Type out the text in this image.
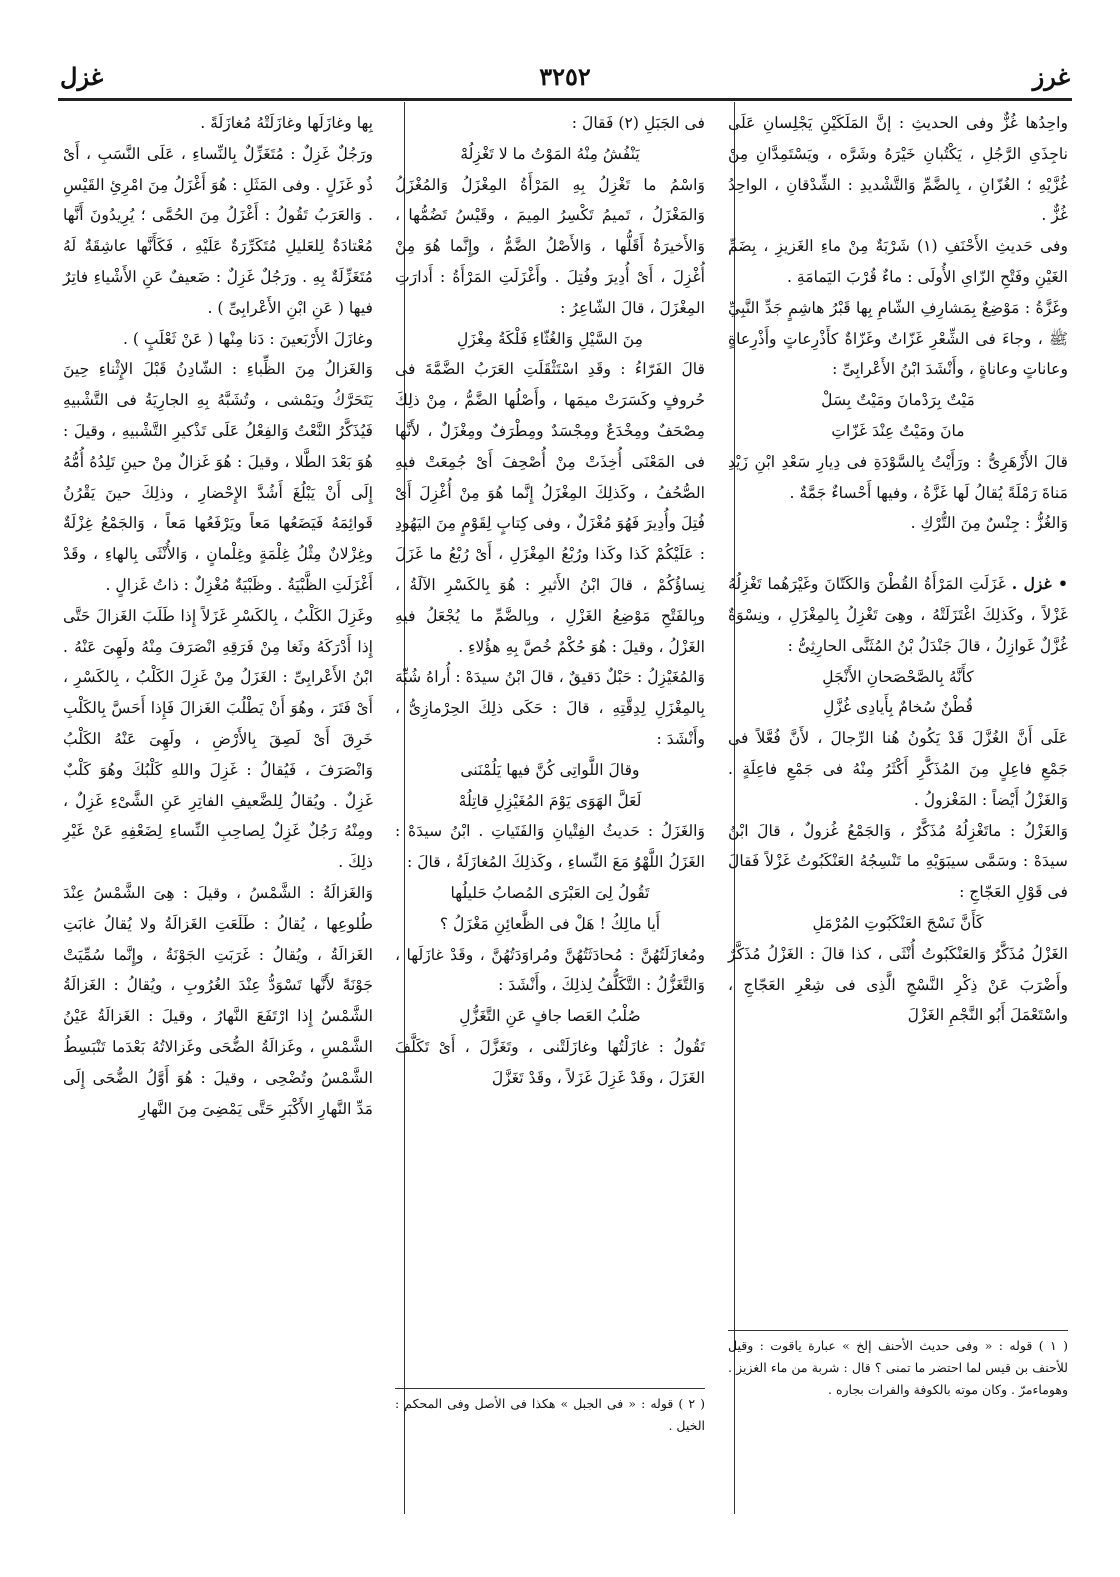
غرز
٣٢٥٢
غزل

واحِدُها غُزٌّ وفى الحديثِ : إنَّ المَلَكَيْنِ يَجْلِسانِ عَلَى ناجِذَىِ الرَّجُلِ ، يَكْتُبانِ خَيْرَهُ وشَرَّه ، ويَسْتَمِدَّانِ مِنْ غُزَّيْهِ ؛ الغُزّانِ ، بِالضَّمِّ وَالتَّشْديدِ : الشِّدْقانِ ، الواحِدُ غُزٌّ .

وفى حَديثِ الأَحْنَفِ (١) شَرْبَةٌ مِنْ ماءِ الغَزيزِ ، بِضَمِّ الغَيْنِ وفَتْحِ الزّاىِ الأُولَى : ماءٌ قُرْبَ اليَمامَةِ .

وغَزَّةُ : مَوْضِعٌ بِمَشارِفِ الشّامِ بِها قَبْرُ هاشِمٍ جَدِّ النَّبِيِّ ﷺ ، وجاءَ فى الشِّعْرِ غَزّاتٌ وغَزّاةٌ كأَذْرِعاتٍ وأَذْرِعاةٍ وعاناتٍ وعاناةٍ ، وأَنْشَدَ ابْنُ الأَعْرابِىِّ :

مَيْتٌ بِرَدْمانَ ومَيْتٌ بِسَلْ

مانَ ومَيْتٌ عِنْدَ غَزّاتِ

قالَ الأَزْهَرِىُّ : ورَأَيْتُ بِالسَّوْدَةِ فى دِيارِ سَعْدِ ابْنِ زَيْدِ مَناةَ رَمْلَةً يُقالُ لَها غَزَّةُ ، وفيها أَحْساءٌ جَمَّةٌ .

وَالغُزُّ : جِنْسٌ مِنَ التُّرْكِ .

• غزل . غَزَلَتِ المَرْأَةُ القُطْنَ وَالكَتّانَ وغَيْرَهُما تَغْزِلُهُ غَزْلاً ، وكَذلِكَ اغْتَزَلَتْهُ ، وهِىَ تَغْزِلُ بِالمِغْزَلِ ، ونِسْوَةٌ غُزَّلٌ غَوازِلُ ، قالَ جَنْدَلُ بْنُ المُثَنَّى الحارِثِىُّ :

كأَنَّهُ بِالصَّحْصَحانِ الأَنْجَلِ

قُطْنٌ سُخامٌ بِأَيادِى غُزَّلِ

عَلَى أَنَّ الغُزَّلَ قَدْ يَكُونُ هُنا الرِّجالَ ، لأَنَّ فُعَّلاً فى جَمْعِ فاعِلٍ مِنَ المُذَكَّرِ أَكْثَرُ مِنْهُ فى جَمْعِ فاعِلَةٍ . وَالغَزْلُ أَيْضاً : المَغْزولُ .

وَالغَزْلُ : ماتَغْزِلُهُ مُذَكَّرٌ ، وَالجَمْعُ غُزولٌ ، قالَ ابْنُ سيدَهْ : وسَمَّى سيبَوَيْهِ ما تَنْسِجُهُ العَنْكَبُوتُ غَزْلاً فَقالَ فى قَوْلِ العَجّاجِ :

كَأَنَّ نَسْجَ العَنْكَبُوتِ المُرْمَلِ

الغَزْلُ مُذَكَّرٌ وَالعَنْكَبُوتُ أُنْثَى ، كذا قالَ : الغَزْلُ مُذَكَّرٌ وأَضْرَبَ عَنْ ذِكْرِ النَّسْجِ الَّذِى فى شِعْرِ العَجّاجِ ، واسْتَعْمَلَ أَبُو النَّجْمِ الغَزْلَ

فى الجَبَلِ (٢) فَقالَ :

يَنْفُشُ مِنْهُ المَوْتُ ما لا تَغْزِلُهْ

وَاسْمُ ما تَغْزِلُ بِهِ المَرْأَةُ المِغْزَلُ وَالمُغْزَلُ وَالمَغْزَلُ ، تَميمُ تَكْسِرُ المِيمَ ، وقَيْسُ تَضُمُّها ، وَالأَخيرَةُ أَقَلُّها ، وَالأَصْلُ الضَّمُّ ، وإِنَّما هُوَ مِنْ أُغْزِلَ ، أَىْ أُدِيرَ وفُتِلَ . وأَغْزَلَتِ المَرْأَةُ : أَدارَتِ المِغْزَلَ ، قالَ الشّاعِرُ :

مِنَ السَّيْلِ وَالغُثّاءِ فَلْكَةُ مِغْزَلِ

قالَ الفَرّاءُ : وقَدِ اسْتَثْقَلَتِ العَرَبُ الضَّمَّةَ فى حُروفٍ وكَسَرَتْ ميمَها ، وأَصْلُها الضَّمُّ ، مِنْ ذلِكَ مِصْحَفٌ ومِخْدَعٌ ومِجْسَدٌ ومِطْرَفٌ ومِغْزَلٌ ، لأَنَّها فى المَعْنَى أُخِذَتْ مِنْ أُصْحِفَ أَىْ جُمِعَتْ فيهِ الصُّحُفُ ، وكَذلِكَ المِغْزَلُ إِنَّما هُوَ مِنْ أُغْزِلَ أَىْ فُتِلَ وأُدِيرَ فَهُوَ مُغْزَلٌ ، وفى كِتابٍ لِقَوْمٍ مِنَ اليَهُودِ : عَلَيْكُمْ كَذا وكَذا ورُبْعُ المِغْزَلِ ، أَىْ رُبْعُ ما غَزَلَ نِساؤُكُمْ ، قالَ ابْنُ الأَثيرِ : هُوَ بِالكَسْرِ الآلَةُ ، وبِالفَتْحِ مَوْضِعُ الغَزْلِ ، وبِالضَّمِّ ما يُجْعَلُ فيهِ الغَزْلُ ، وقيلَ : هُوَ حُكْمٌ خُصَّ بِهِ هؤُلاءِ .

وَالمُغَيْزِلُ : حَبْلٌ دَقيقٌ ، قالَ ابْنُ سيدَهْ : أُراهُ شُبِّهَ بِالمِغْزَلِ لِدِقَّتِهِ ، قالَ : حَكَى ذلِكَ الحِرْمازِىُّ ، وأَنْشَدَ :

وقالَ اللَّواتِى كُنَّ فيها يَلُمْنَنى

لَعَلَّ الهَوَى يَوْمَ المُغَيْزِلِ قاتِلُهْ

وَالغَزَلُ : حَديثُ الفِتْيانِ وَالفَتَياتِ . ابْنُ سيدَهْ : الغَزَلُ اللَّهْوُ مَعَ النِّساءِ ، وكَذلِكَ المُغازَلَةُ ، قالَ :

تَقُولُ لِىَ العَبْرَى المُصابُ حَليلُها

أَيا مالِكُ ! هَلْ فى الظَّعائِنِ مَغْزَلُ ؟

ومُغازَلَتُهُنَّ : مُحادَثَتُهُنَّ ومُراوَدَتُهُنَّ ، وقَدْ غازَلَها ، وَالتَّغَزُّلُ : التَّكَلُّفُ لِذلِكَ ، وأَنْشَدَ :

صُلْبُ العَصا جافٍ عَنِ التَّغَزُّلِ

تَقُولُ : غازَلْتُها وغازَلَتْنى ، وتَغَزَّلَ ، أَىْ تَكَلَّفَ الغَزَلَ ، وقَدْ غَزِلَ غَزَلاً ، وقَدْ تَغَزَّلَ

بِها وغازَلَها وغازَلَتْهُ مُغازَلَةً .

ورَجُلٌ غَزِلٌ : مُتَغَزِّلٌ بِالنِّساءِ ، عَلَى النَّسَبِ ، أَىْ ذُو غَزَلٍ . وفى المَثَلِ : هُوَ أَغْزَلُ مِنَ امْرِئِ القَيْسِ . وَالعَرَبُ تَقُولُ : أَغْزَلُ مِنَ الحُمَّى ؛ يُرِيدُونَ أَنَّها مُعْتادَةٌ لِلعَليلِ مُتَكَرِّرَةٌ عَلَيْهِ ، فَكَأَنَّها عاشِقَةٌ لَهُ مُتَغَزِّلَةٌ بِهِ . ورَجُلٌ غَزِلٌ : ضَعيفٌ عَنِ الأَشْياءِ فاتِرٌ فيها ( عَنِ ابْنِ الأَعْرابِىِّ ) .

وغازَلَ الأَرْبَعينَ : دَنا مِنْها ( عَنْ ثَعْلَبٍ ) .

وَالغَزالُ مِنَ الظِّباءِ : الشّادِنُ قَبْلَ الإِثْناءِ حِينَ يَتَحَرَّكُ ويَمْشى ، وتُشَبَّهُ بِهِ الجارِيَةُ فى التَّشْبيهِ فَيُذَكَّرُ النَّعْتُ وَالفِعْلُ عَلَى تَذْكيرِ التَّشْبيهِ ، وقيلَ : هُوَ بَعْدَ الطَّلا ، وقيلَ : هُوَ غَزالٌ مِنْ حينِ تَلِدُهُ أُمُّهُ إِلَى أَنْ يَبْلُغَ أَشُدَّ الإِحْضارِ ، وذلِكَ حينَ يَقْرُنُ قَوائِمَهُ فَيَضَعُها مَعاً ويَرْفَعُها مَعاً ، وَالجَمْعُ غِزْلَةٌ وغِزْلانٌ مِثْلُ غِلْمَةٍ وغِلْمانٍ ، وَالأُنْثَى بِالهاءِ ، وقَدْ أَغْزَلَتِ الظَّبْيَةُ . وظَبْيَةٌ مُغْزِلٌ : ذاتُ غَزالٍ .

وغَزِلَ الكَلْبُ ، بِالكَسْرِ غَزَلاً إِذا طَلَبَ الغَزالَ حَتَّى إِذا أَدْرَكَهُ وثَغا مِنْ فَرَقِهِ انْصَرَفَ مِنْهُ ولَهِىَ عَنْهُ . ابْنُ الأَعْرابِىِّ : الغَزَلُ مِنْ غَزِلَ الكَلْبُ ، بِالكَسْرِ ، أَىْ فَتَرَ ، وهُوَ أَنْ يَطْلُبَ الغَزالَ فَإِذا أَحَسَّ بِالكَلْبِ خَرِقَ أَىْ لَصِقَ بِالأَرْضِ ، ولَهِىَ عَنْهُ الكَلْبُ وَانْصَرَفَ ، فَيُقالُ : غَزِلَ واللهِ كَلْبُكَ وهُوَ كَلْبٌ غَزِلٌ . ويُقالُ لِلضَّعيفِ الفاتِرِ عَنِ الشَّىْءِ غَزِلٌ ، ومِنْهُ رَجُلٌ غَزِلٌ لِصاحِبِ النِّساءِ لِضَعْفِهِ عَنْ غَيْرِ ذلِكَ .

وَالغَزالَةُ : الشَّمْسُ ، وقيلَ : هِىَ الشَّمْسُ عِنْدَ طُلوعِها ، يُقالُ : طَلَعَتِ الغَزالَةُ ولا يُقالُ غابَتِ الغَزالَةُ ، ويُقالُ : غَرَبَتِ الجَوْنَةُ ، وإِنَّما سُمِّيَتْ جَوْنَةً لأَنَّها تَسْوَدُّ عِنْدَ الغُرُوبِ ، ويُقالُ : الغَزالَةُ الشَّمْسُ إِذا ارْتَفَعَ النَّهارُ ، وقيلَ : الغَزالَةُ عَيْنُ الشَّمْسِ ، وغَزالَةُ الضُّحَى وغَزالاتُهُ بَعْدَما تَنْبَسِطُ الشَّمْسُ وتُضْحِى ، وقيلَ : هُوَ أَوَّلُ الضُّحَى إِلَى مَدِّ النَّهارِ الأَكْبَرِ حَتَّى يَمْضِىَ مِنَ النَّهارِ

( ١ ) قوله : « وفى حديث الأحنف إلخ » عبارة ياقوت : وقيل للأحنف بن قيس لما احتضر ما تمنى ؟ قال : شربة من ماء الغزيز . وهوماءمرّ . وكان موته بالكوفة والفرات بجاره .
( ٢ ) قوله : « فى الجبل » هكذا فى الأصل وفى المحكم : الخيل .
